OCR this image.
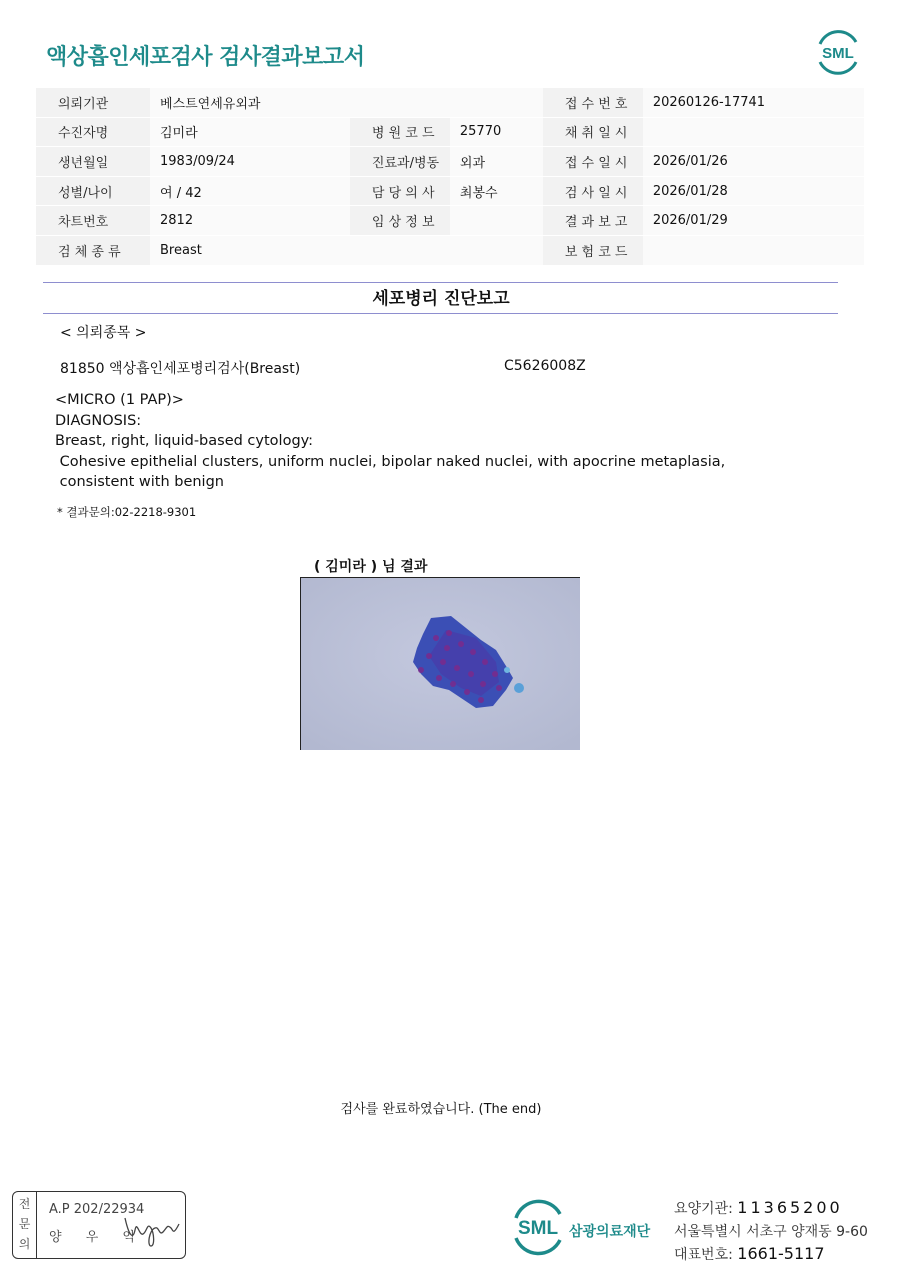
액상흡인세포검사 검사결과보고서	SML
의뢰기관	베스트연세유외과			접 수 번 호	20260126-17741
수진자명	김미라	병 원 코 드	25770	채 취 일 시	
생년월일	1983/09/24	진료과/병동	외과	접 수 일 시	2026/01/26
성별/나이	여 / 42	담 당 의 사	최봉수	검 사 일 시	2026/01/28
차트번호	2812	임 상 정 보		결 과 보 고	2026/01/29
검 체 종 류	Breast			보 험 코 드	
세포병리 진단보고
< 의뢰종목 >
81850 액상흡인세포병리검사(Breast)	C5626008Z
<MICRO (1 PAP)>
DIAGNOSIS:
Breast, right, liquid-based cytology:
Cohesive epithelial clusters, uniform nuclei, bipolar naked nuclei, with apocrine metaplasia,
consistent with benign
* 결과문의:02-2218-9301
( 김미라 ) 님 결과
검사를 완료하였습니다. (The end)
전
문
의
A.P 202/22934
양 우 익	SML 삼광의료재단
요양기관: 11365200
서울특별시 서초구 양재동 9-60
대표번호: 1661-5117
